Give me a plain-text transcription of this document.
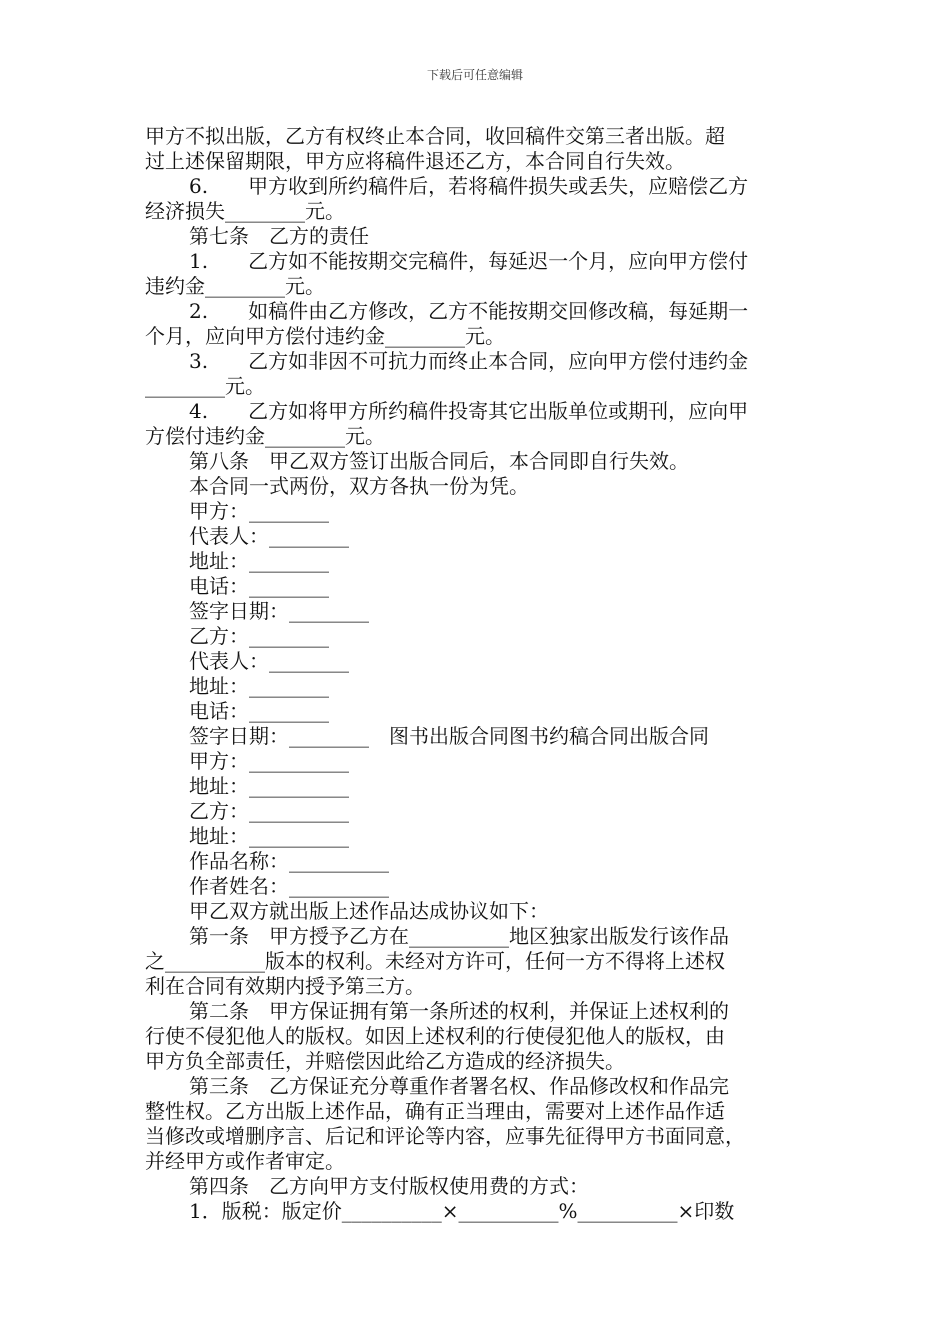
下载后可任意编辑

甲方不拟出版，乙方有权终止本合同，收回稿件交第三者出版。超

过上述保留期限，甲方应将稿件退还乙方，本合同自行失效。

6.　　甲方收到所约稿件后，若将稿件损失或丢失，应赔偿乙方

经济损失________元。

第七条　乙方的责任

1.　　乙方如不能按期交完稿件，每延迟一个月，应向甲方偿付

违约金________元。

2.　　如稿件由乙方修改，乙方不能按期交回修改稿，每延期一

个月，应向甲方偿付违约金________元。

3.　　乙方如非因不可抗力而终止本合同，应向甲方偿付违约金

________元。

4.　　乙方如将甲方所约稿件投寄其它出版单位或期刊，应向甲

方偿付违约金________元。

第八条　甲乙双方签订出版合同后，本合同即自行失效。

本合同一式两份，双方各执一份为凭。

甲方：________

代表人：________

地址：________

电话：________

签字日期：________

乙方：________

代表人：________

地址：________

电话：________

签字日期：________　图书出版合同图书约稿合同出版合同

甲方：__________

地址：__________

乙方：__________

地址：__________

作品名称：__________

作者姓名：__________

甲乙双方就出版上述作品达成协议如下：

第一条　甲方授予乙方在__________地区独家出版发行该作品

之__________版本的权利。未经对方许可，任何一方不得将上述权

利在合同有效期内授予第三方。

第二条　甲方保证拥有第一条所述的权利，并保证上述权利的

行使不侵犯他人的版权。如因上述权利的行使侵犯他人的版权，由

甲方负全部责任，并赔偿因此给乙方造成的经济损失。

第三条　乙方保证充分尊重作者署名权、作品修改权和作品完

整性权。乙方出版上述作品，确有正当理由，需要对上述作品作适

当修改或增删序言、后记和评论等内容，应事先征得甲方书面同意，

并经甲方或作者审定。

第四条　乙方向甲方支付版权使用费的方式：

1．版税：版定价__________×__________%__________×印数
